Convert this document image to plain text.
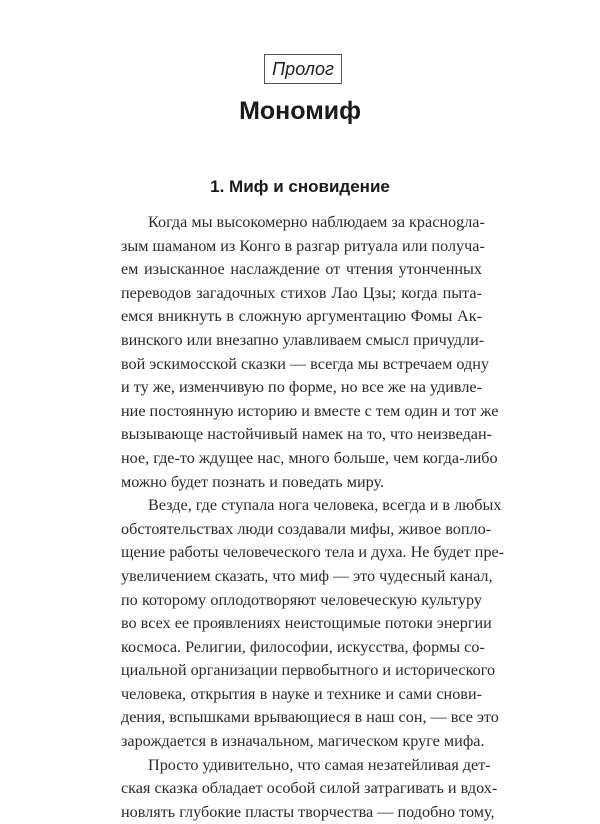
Пролог
Мономиф
1. Миф и сновидение
Когда мы высокомерно наблюдаем за краснogла-
зым шаманом из Конго в разгар ритуала или получа-
ем изысканное наслаждение от чтения утонченных
переводов загадочных стихов Лао Цзы; когда пыта-
емся вникнуть в сложную аргументацию Фомы Ак-
винского или внезапно улавливаем смысл причудли-
вой эскимосской сказки — всегда мы встречаем одну
и ту же, изменчивую по форме, но все же на удивле-
ние постоянную историю и вместе с тем один и тот же
вызывающе настойчивый намек на то, что неизведан-
ное, где-то ждущее нас, много больше, чем когда-либо
можно будет познать и поведать миру.
Везде, где ступала нога человека, всегда и в любых
обстоятельствах люди создавали мифы, живое вопло-
щение работы человеческого тела и духа. Не будет пре-
увеличением сказать, что миф — это чудесный канал,
по которому оплодотворяют человеческую культуру
во всех ее проявлениях неистощимые потоки энергии
космоса. Религии, философии, искусства, формы со-
циальной организации первобытного и исторического
человека, открытия в науке и технике и сами снови-
дения, вспышками врывающиеся в наш сон, — все это
зарождается в изначальном, магическом круге мифа.
Просто удивительно, что самая незатейливая дет-
ская сказка обладает особой силой затрагивать и вдох-
новлять глубокие пласты творчества — подобно тому,
